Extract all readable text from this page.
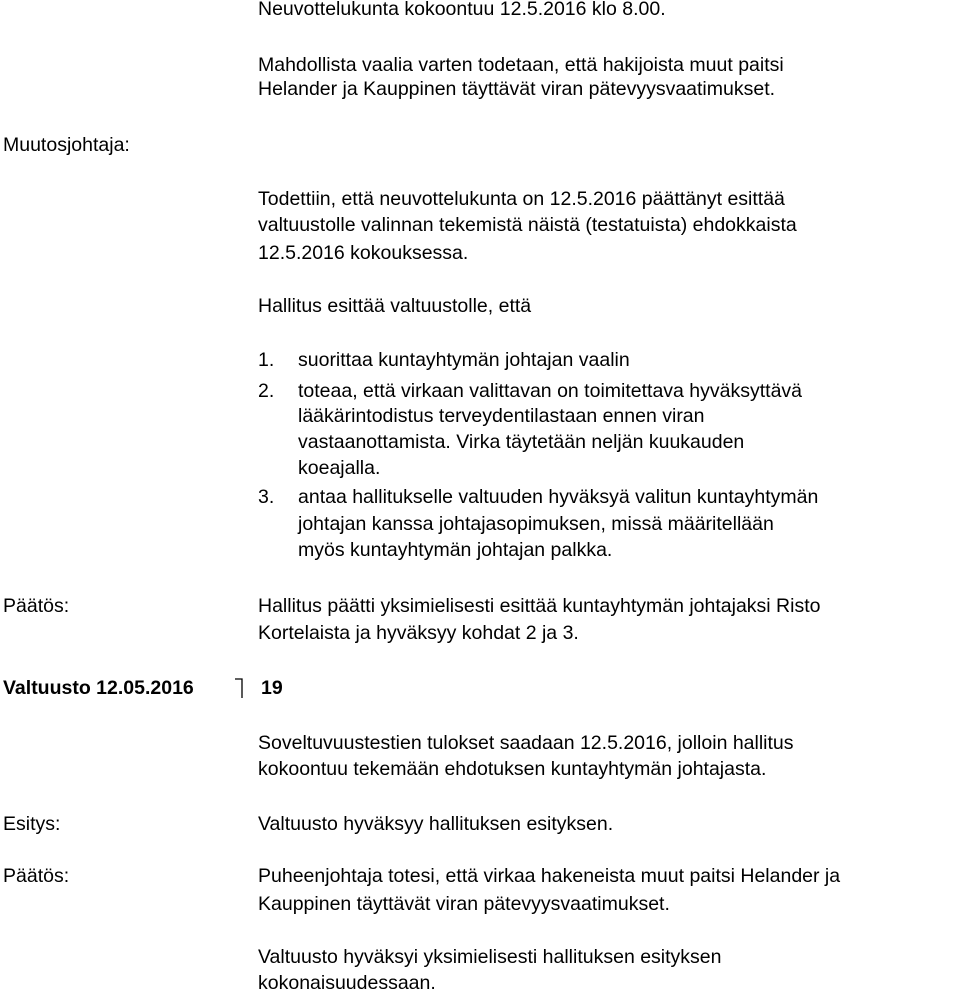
Neuvottelukunta kokoontuu 12.5.2016 klo 8.00.

Mahdollista vaalia varten todetaan, että hakijoista muut paitsi

Helander ja Kauppinen täyttävät viran pätevyysvaatimukset.

Muutosjohtaja:

Todettiin, että neuvottelukunta on 12.5.2016 päättänyt esittää

valtuustolle valinnan tekemistä näistä (testatuista) ehdokkaista

12.5.2016 kokouksessa.

Hallitus esittää valtuustolle, että

1. suorittaa kuntayhtymän johtajan vaalin
2. toteaa, että virkaan valittavan on toimitettava hyväksyttävä
lääkärintodistus terveydentilastaan ennen viran
vastaanottamista. Virka täytetään neljän kuukauden
koeajalla.
3. antaa hallitukselle valtuuden hyväksyä valitun kuntayhtymän
johtajan kanssa johtajasopimuksen, missä määritellään
myös kuntayhtymän johtajan palkka.

Päätös:	Hallitus päätti yksimielisesti esittää kuntayhtymän johtajaksi Risto

Kortelaista ja hyväksyy kohdat 2 ja 3.

Valtuusto 12.05.2016	19

Soveltuvuustestien tulokset saadaan 12.5.2016, jolloin hallitus

kokoontuu tekemään ehdotuksen kuntayhtymän johtajasta.

Esitys:	Valtuusto hyväksyy hallituksen esityksen.

Päätös:	Puheenjohtaja totesi, että virkaa hakeneista muut paitsi Helander ja

Kauppinen täyttävät viran pätevyysvaatimukset.

Valtuusto hyväksyi yksimielisesti hallituksen esityksen

kokonaisuudessaan.
